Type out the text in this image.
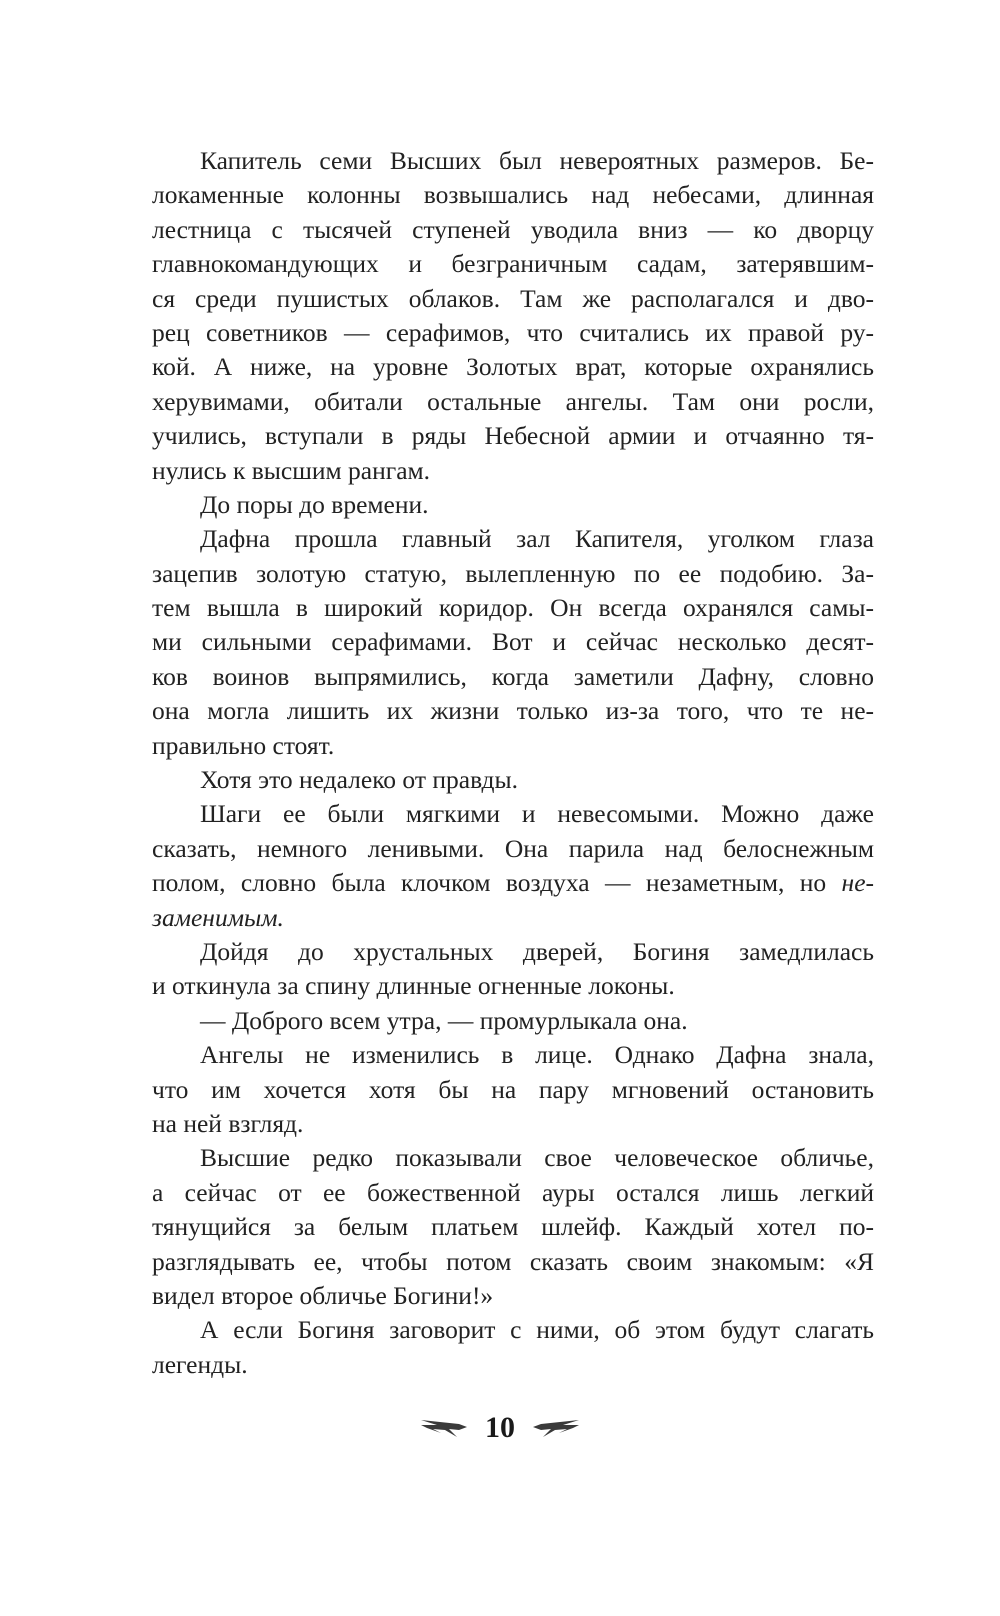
Капитель семи Высших был невероятных размеров. Бе-
локаменные колонны возвышались над небесами, длинная
лестница с тысячей ступеней уводила вниз — ко дворцу
главнокомандующих и безграничным садам, затерявшим-
ся среди пушистых облаков. Там же располагался и дво-
рец советников — серафимов, что считались их правой ру-
кой. А ниже, на уровне Золотых врат, которые охранялись
херувимами, обитали остальные ангелы. Там они росли,
учились, вступали в ряды Небесной армии и отчаянно тя-
нулись к высшим рангам.
До поры до времени.
Дафна прошла главный зал Капителя, уголком глаза
зацепив золотую статую, вылепленную по ее подобию. За-
тем вышла в широкий коридор. Он всегда охранялся самы-
ми сильными серафимами. Вот и сейчас несколько десят-
ков воинов выпрямились, когда заметили Дафну, словно
она могла лишить их жизни только из-за того, что те не-
правильно стоят.
Хотя это недалеко от правды.
Шаги ее были мягкими и невесомыми. Можно даже
сказать, немного ленивыми. Она парила над белоснежным
полом, словно была клочком воздуха — незаметным, но не-
заменимым.
Дойдя до хрустальных дверей, Богиня замедлилась
и откинула за спину длинные огненные локоны.
— Доброго всем утра, — промурлыкала она.
Ангелы не изменились в лице. Однако Дафна знала,
что им хочется хотя бы на пару мгновений остановить
на ней взгляд.
Высшие редко показывали свое человеческое обличье,
а сейчас от ее божественной ауры остался лишь легкий
тянущийся за белым платьем шлейф. Каждый хотел по-
разглядывать ее, чтобы потом сказать своим знакомым: «Я
видел второе обличье Богини!»
А если Богиня заговорит с ними, об этом будут слагать
легенды.
10
